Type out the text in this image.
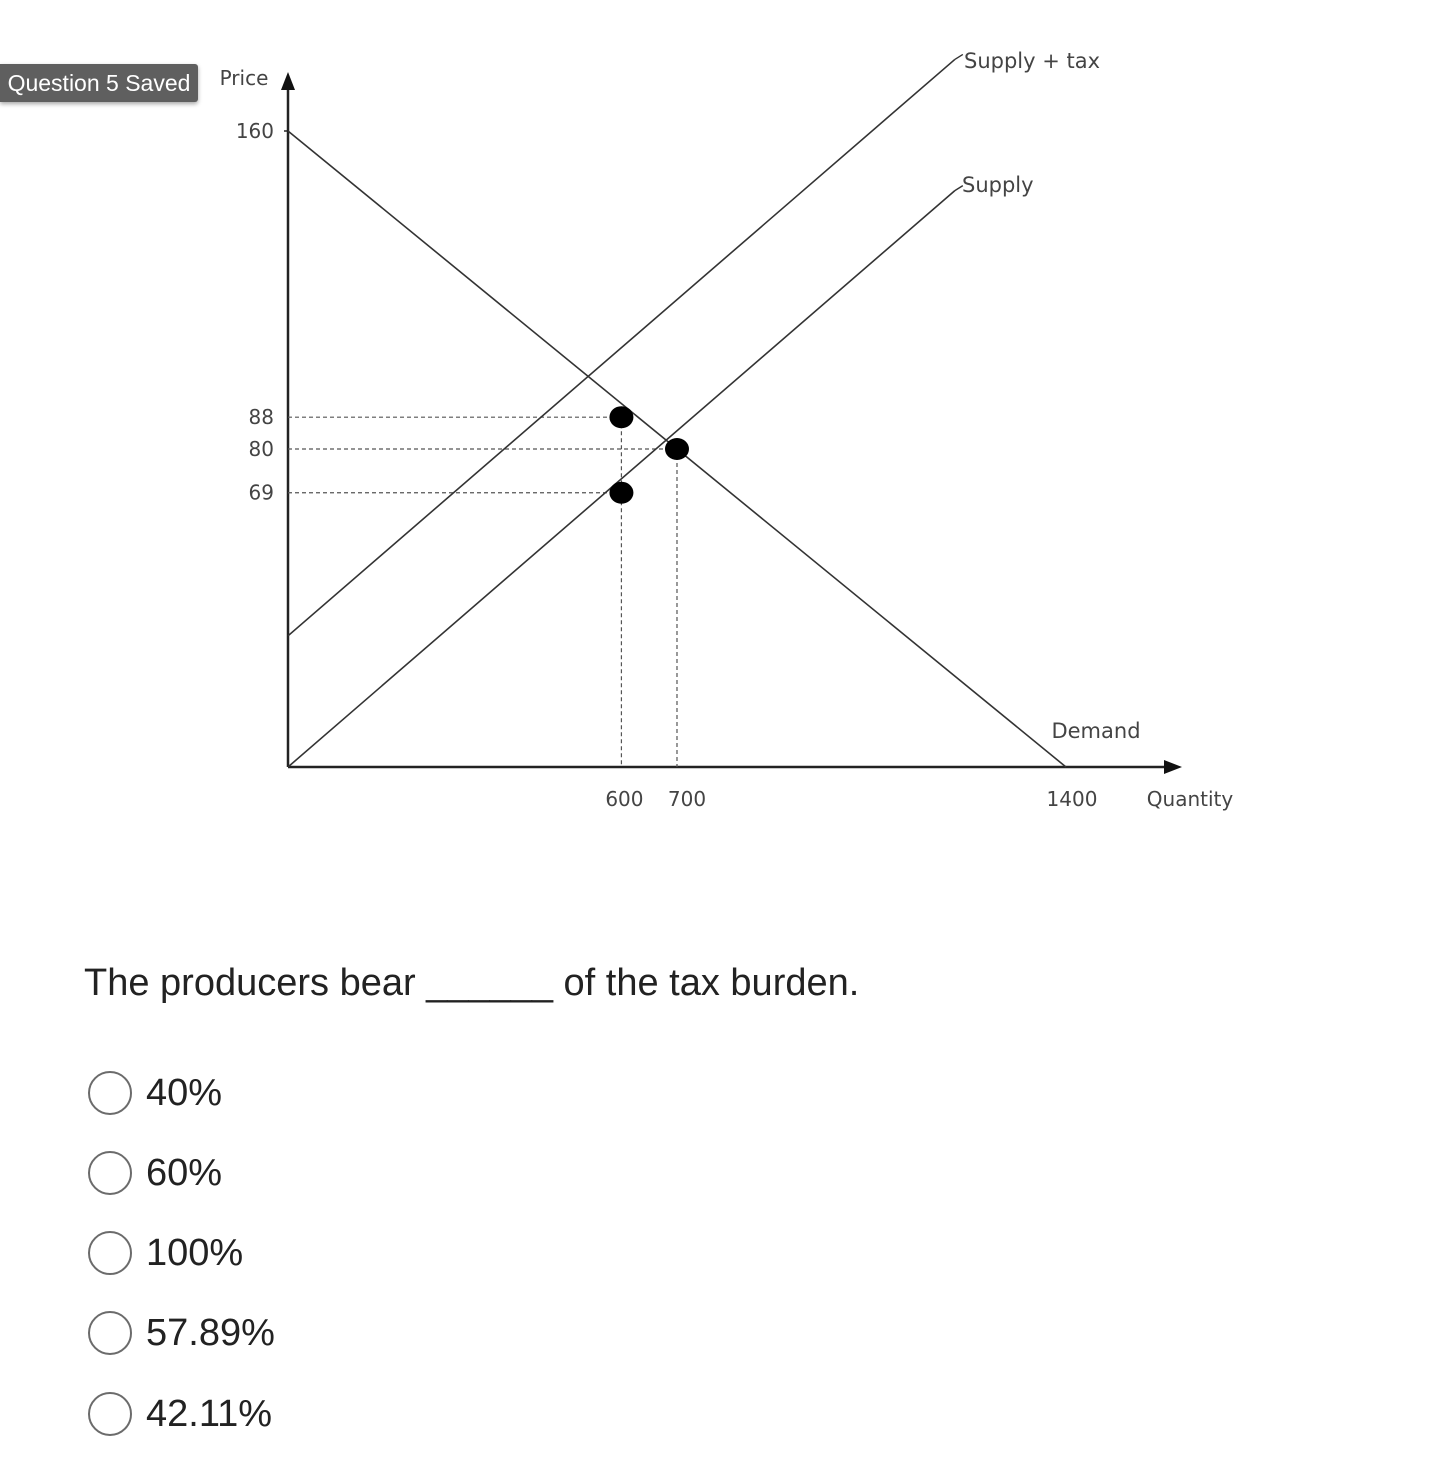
Question 5 Saved
Demand
Supply
Supply + tax
160
88
80
69
600 700	1400
Price
Quantity
The producers bear ______ of the tax burden.
40%
60%
100%
57.89%
42.11%
